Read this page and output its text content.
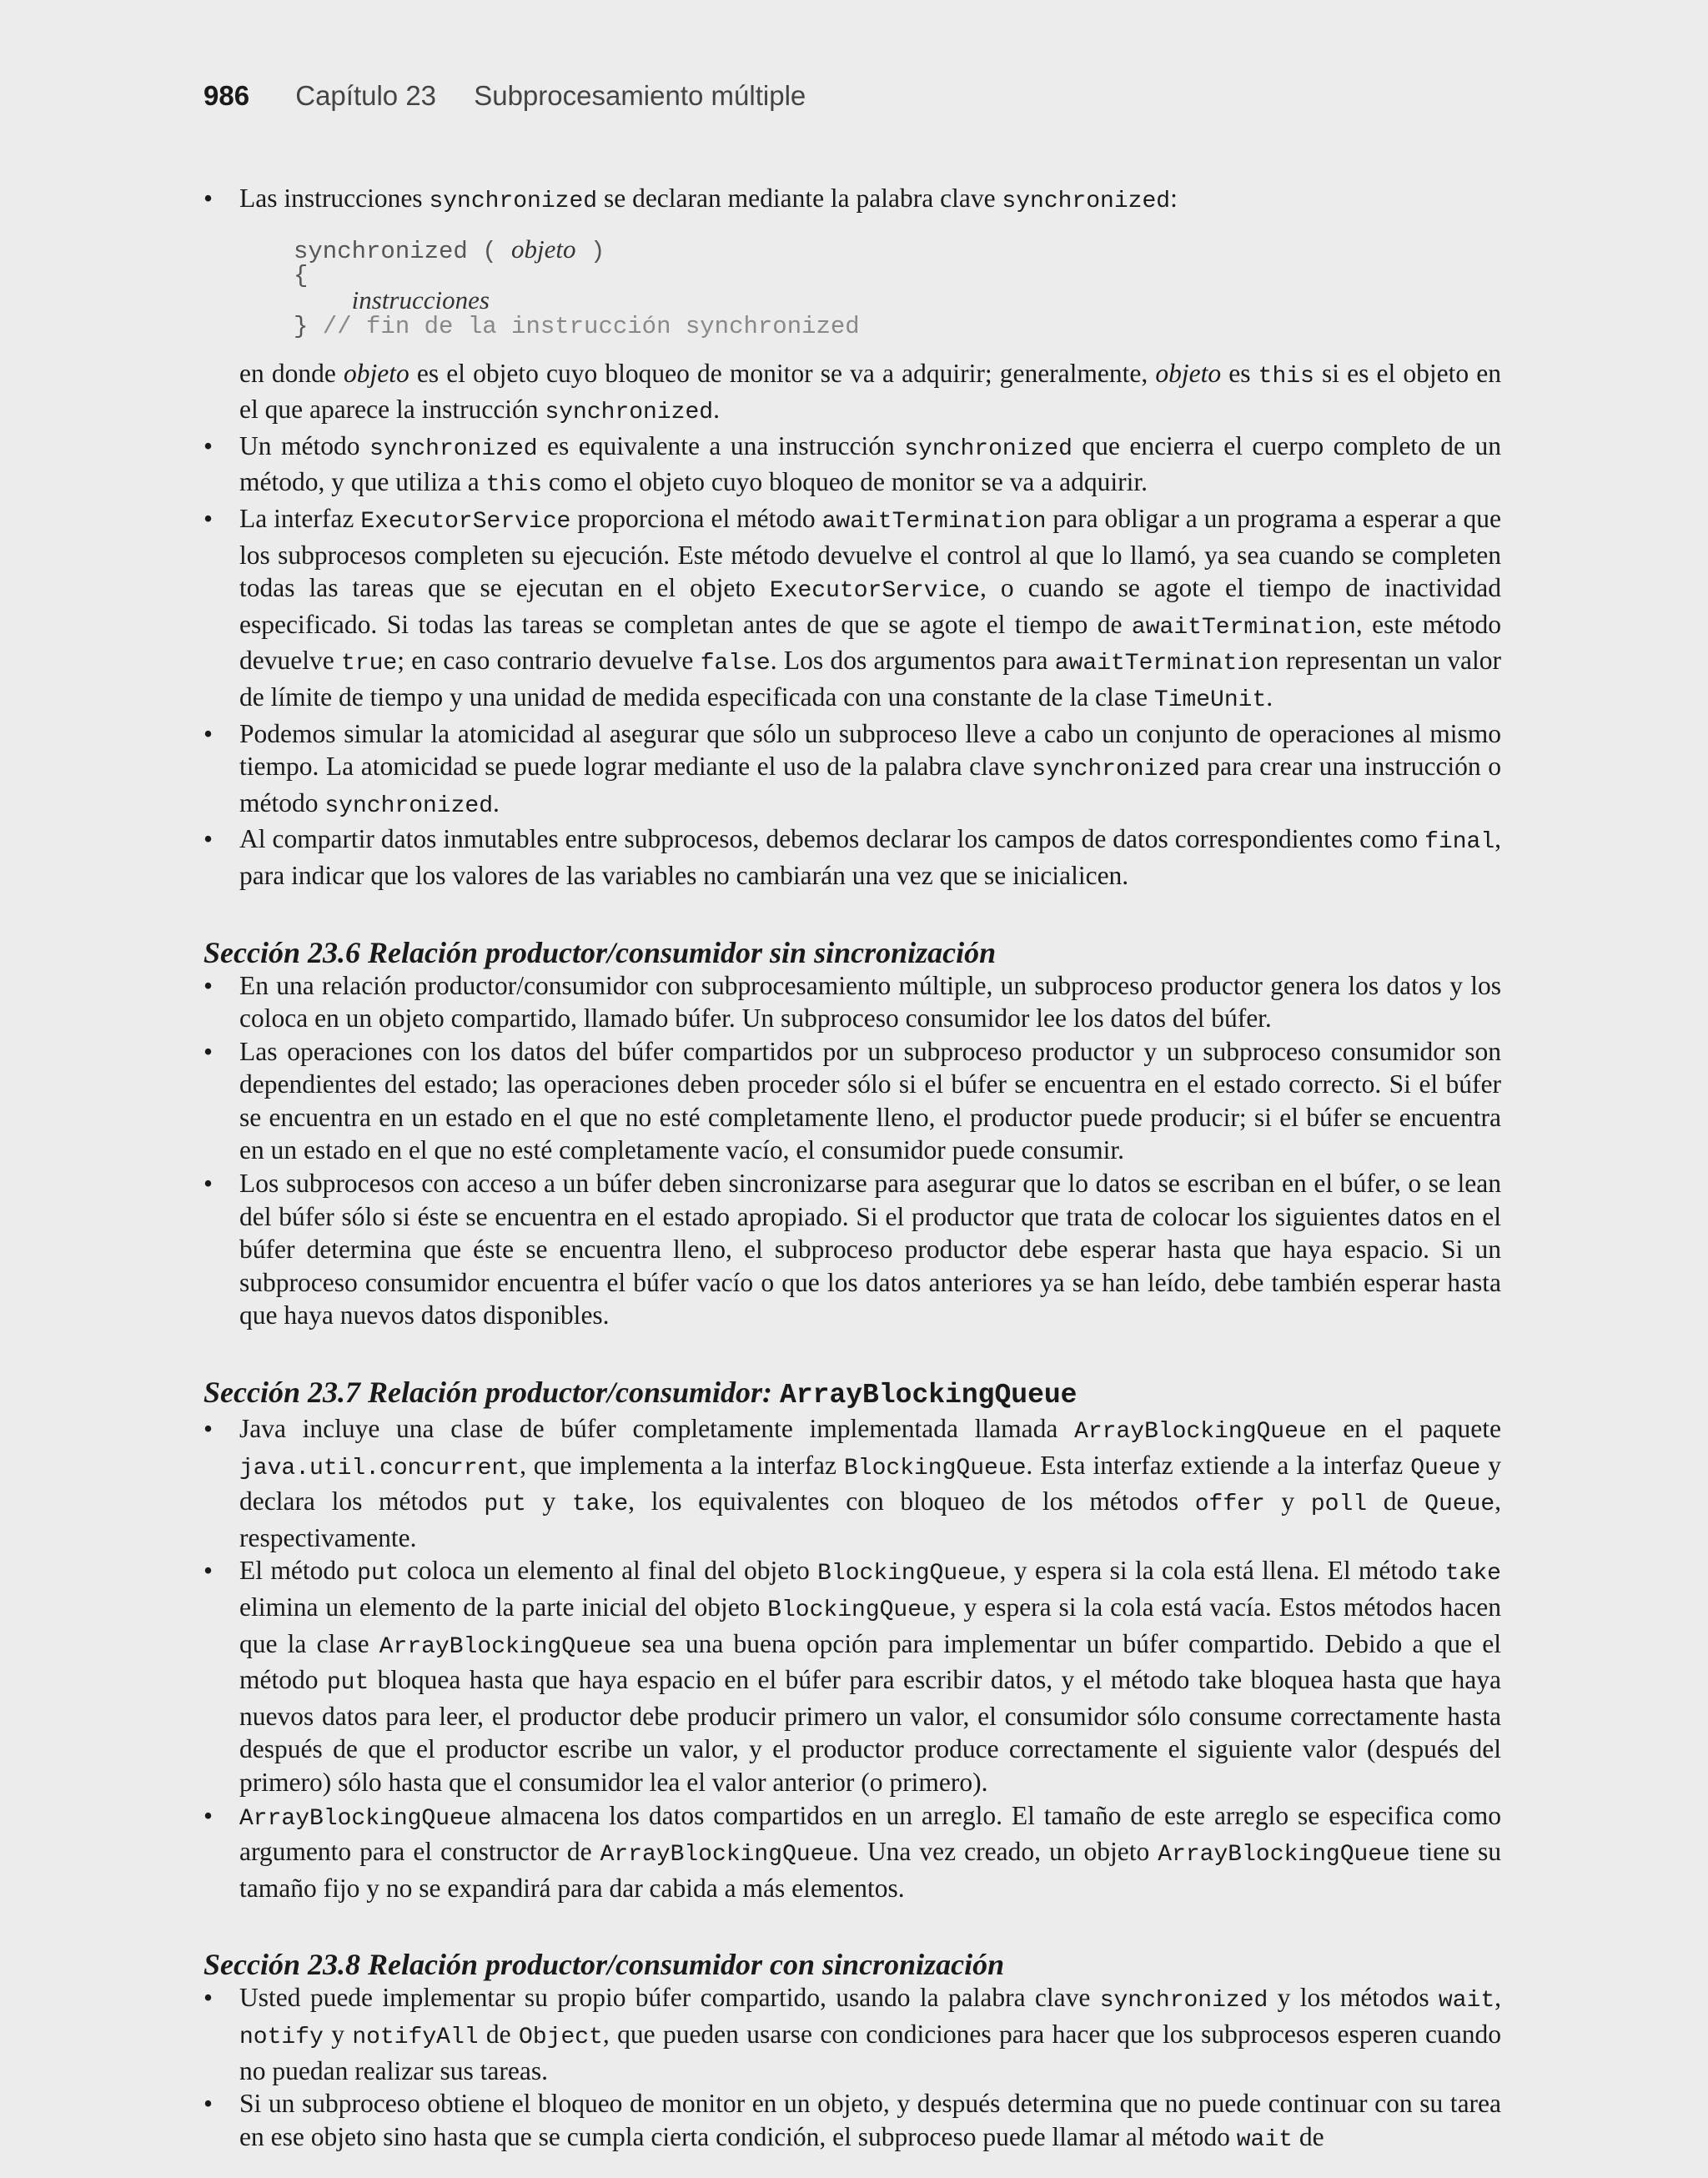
986 Capítulo 23 Subprocesamiento múltiple
• Las instrucciones synchronized se declaran mediante la palabra clave synchronized:
synchronized ( objeto )
{
instrucciones
} // fin de la instrucción synchronized
en donde objeto es el objeto cuyo bloqueo de monitor se va a adquirir; generalmente, objeto es this si es el objeto en el que aparece la instrucción synchronized.
• Un método synchronized es equivalente a una instrucción synchronized que encierra el cuerpo completo de un método, y que utiliza a this como el objeto cuyo bloqueo de monitor se va a adquirir.
• La interfaz ExecutorService proporciona el método awaitTermination para obligar a un programa a esperar a que los subprocesos completen su ejecución. Este método devuelve el control al que lo llamó, ya sea cuando se completen todas las tareas que se ejecutan en el objeto ExecutorService, o cuando se agote el tiempo de inactividad especificado. Si todas las tareas se completan antes de que se agote el tiempo de awaitTermination, este método devuelve true; en caso contrario devuelve false. Los dos argumentos para awaitTermination representan un valor de límite de tiempo y una unidad de medida especificada con una constante de la clase TimeUnit.
• Podemos simular la atomicidad al asegurar que sólo un subproceso lleve a cabo un conjunto de operaciones al mismo tiempo. La atomicidad se puede lograr mediante el uso de la palabra clave synchronized para crear una instrucción o método synchronized.
• Al compartir datos inmutables entre subprocesos, debemos declarar los campos de datos correspondientes como final, para indicar que los valores de las variables no cambiarán una vez que se inicialicen.
Sección 23.6 Relación productor/consumidor sin sincronización
• En una relación productor/consumidor con subprocesamiento múltiple, un subproceso productor genera los datos y los coloca en un objeto compartido, llamado búfer. Un subproceso consumidor lee los datos del búfer.
• Las operaciones con los datos del búfer compartidos por un subproceso productor y un subproceso consumidor son dependientes del estado; las operaciones deben proceder sólo si el búfer se encuentra en el estado correcto. Si el búfer se encuentra en un estado en el que no esté completamente lleno, el productor puede producir; si el búfer se encuentra en un estado en el que no esté completamente vacío, el consumidor puede consumir.
• Los subprocesos con acceso a un búfer deben sincronizarse para asegurar que lo datos se escriban en el búfer, o se lean del búfer sólo si éste se encuentra en el estado apropiado. Si el productor que trata de colocar los siguientes datos en el búfer determina que éste se encuentra lleno, el subproceso productor debe esperar hasta que haya espacio. Si un subproceso consumidor encuentra el búfer vacío o que los datos anteriores ya se han leído, debe también esperar hasta que haya nuevos datos disponibles.
Sección 23.7 Relación productor/consumidor: ArrayBlockingQueue
• Java incluye una clase de búfer completamente implementada llamada ArrayBlockingQueue en el paquete java.util.concurrent, que implementa a la interfaz BlockingQueue. Esta interfaz extiende a la interfaz Queue y declara los métodos put y take, los equivalentes con bloqueo de los métodos offer y poll de Queue, respectivamente.
• El método put coloca un elemento al final del objeto BlockingQueue, y espera si la cola está llena. El método take elimina un elemento de la parte inicial del objeto BlockingQueue, y espera si la cola está vacía. Estos métodos hacen que la clase ArrayBlockingQueue sea una buena opción para implementar un búfer compartido. Debido a que el método put bloquea hasta que haya espacio en el búfer para escribir datos, y el método take bloquea hasta que haya nuevos datos para leer, el productor debe producir primero un valor, el consumidor sólo consume correctamente hasta después de que el productor escribe un valor, y el productor produce correctamente el siguiente valor (después del primero) sólo hasta que el consumidor lea el valor anterior (o primero).
• ArrayBlockingQueue almacena los datos compartidos en un arreglo. El tamaño de este arreglo se especifica como argumento para el constructor de ArrayBlockingQueue. Una vez creado, un objeto ArrayBlockingQueue tiene su tamaño fijo y no se expandirá para dar cabida a más elementos.
Sección 23.8 Relación productor/consumidor con sincronización
• Usted puede implementar su propio búfer compartido, usando la palabra clave synchronized y los métodos wait, notify y notifyAll de Object, que pueden usarse con condiciones para hacer que los subprocesos esperen cuando no puedan realizar sus tareas.
• Si un subproceso obtiene el bloqueo de monitor en un objeto, y después determina que no puede continuar con su tarea en ese objeto sino hasta que se cumpla cierta condición, el subproceso puede llamar al método wait de
